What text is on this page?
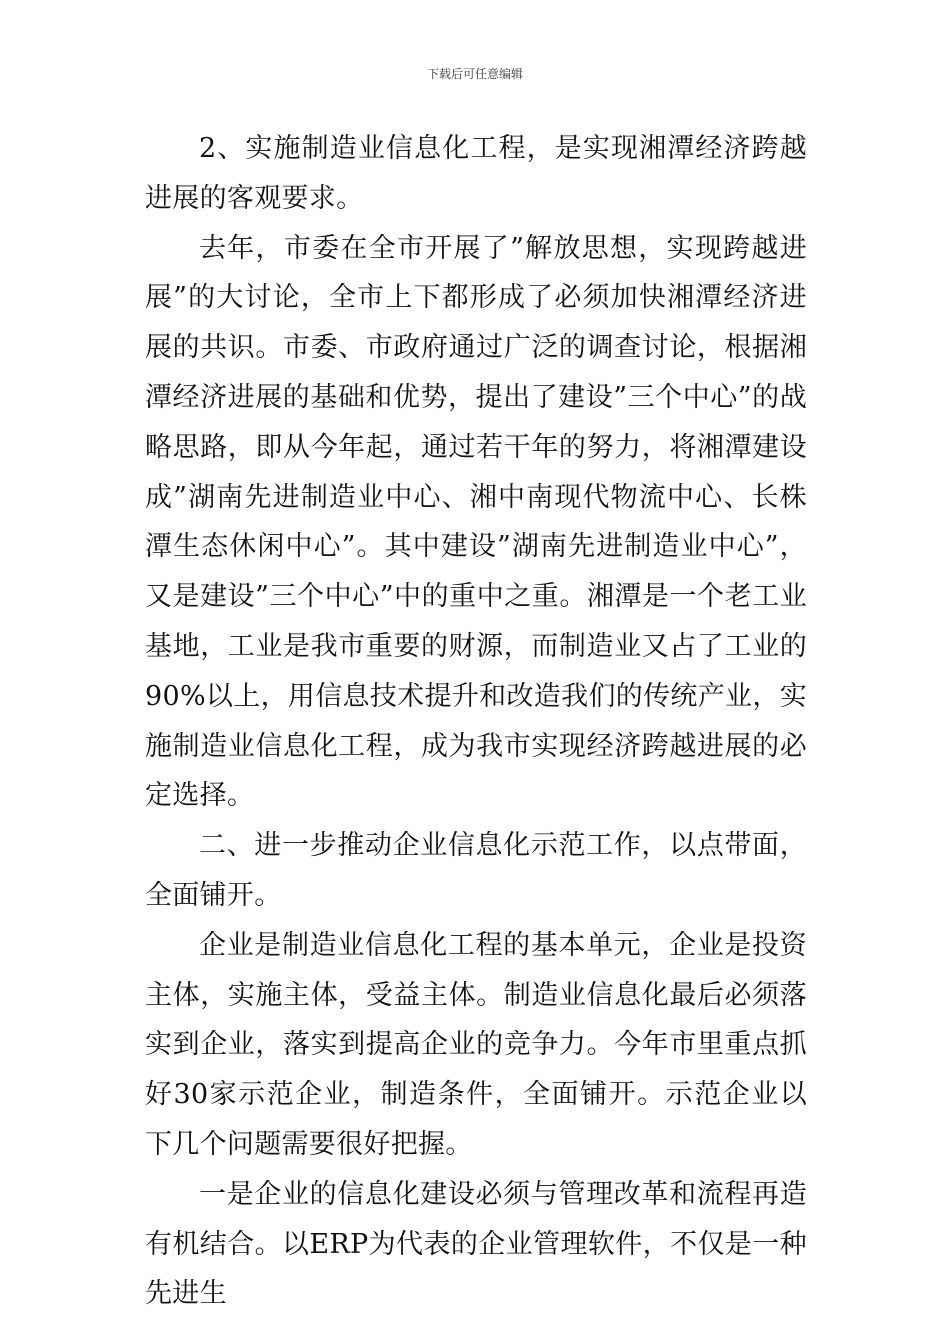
下载后可任意编辑

2、实施制造业信息化工程，是实现湘潭经济跨越进展的客观要求。

去年，市委在全市开展了”解放思想，实现跨越进展”的大讨论，全市上下都形成了必须加快湘潭经济进展的共识。市委、市政府通过广泛的调查讨论，根据湘潭经济进展的基础和优势，提出了建设”三个中心”的战略思路，即从今年起，通过若干年的努力，将湘潭建设成”湖南先进制造业中心、湘中南现代物流中心、长株潭生态休闲中心”。其中建设”湖南先进制造业中心”，又是建设”三个中心”中的重中之重。湘潭是一个老工业基地，工业是我市重要的财源，而制造业又占了工业的90%以上，用信息技术提升和改造我们的传统产业，实施制造业信息化工程，成为我市实现经济跨越进展的必定选择。

二、进一步推动企业信息化示范工作，以点带面，全面铺开。

企业是制造业信息化工程的基本单元，企业是投资主体，实施主体，受益主体。制造业信息化最后必须落实到企业，落实到提高企业的竞争力。今年市里重点抓好30家示范企业，制造条件，全面铺开。示范企业以下几个问题需要很好把握。

一是企业的信息化建设必须与管理改革和流程再造有机结合。以ERP为代表的企业管理软件，不仅是一种先进生
